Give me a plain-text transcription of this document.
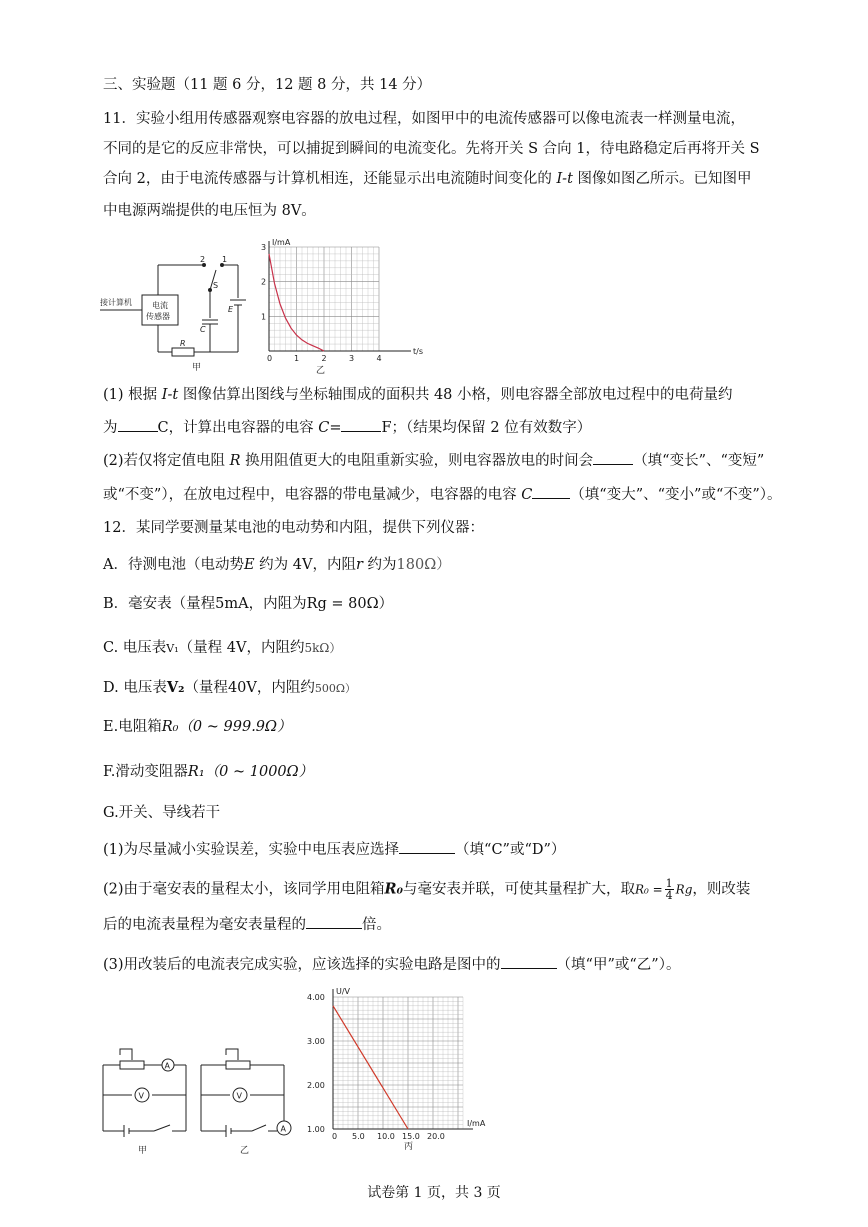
三、实验题（11 题 6 分，12 题 8 分，共 14 分）
11．实验小组用传感器观察电容器的放电过程，如图甲中的电流传感器可以像电流表一样测量电流，
不同的是它的反应非常快，可以捕捉到瞬间的电流变化。先将开关 S 合向 1，待电路稳定后再将开关 S
合向 2，由于电流传感器与计算机相连，还能显示出电流随时间变化的 I-t 图像如图乙所示。已知图甲
中电源两端提供的电压恒为 8V。
接计算机	电流
传感器
2 1
S
C
E
R
甲
I/mA
t/s
0
乙
1	2	3	4
1
2
3
(1) 根据 I-t 图像估算出图线与坐标轴围成的面积共 48 小格，则电容器全部放电过程中的电荷量约
为	C，计算出电容器的电容 C=	F；（结果均保留 2 位有效数字）
(2)若仅将定值电阻 R 换用阻值更大的电阻重新实验，则电容器放电的时间会	（填“变长”、“变短”
或“不变”），在放电过程中，电容器的带电量减少，电容器的电容 C	（填“变大”、“变小”或“不变”）。
12．某同学要测量某电池的电动势和内阻，提供下列仪器：
A．待测电池（电动势E 约为 4V，内阻r 约为180Ω）
B．毫安表（量程5mA，内阻为Rg = 80Ω）
C. 电压表V₁（量程 4V，内阻约5kΩ）
D. 电压表V₂（量程40V，内阻约500Ω）
E.电阻箱R₀（0 ~ 999.9Ω）
F.滑动变阻器R₁（0 ~ 1000Ω）
G.开关、导线若干
(1)为尽量减小实验误差，实验中电压表应选择	（填“C”或“D”）
(2)由于毫安表的量程太小，该同学用电阻箱R₀与毫安表并联，可使其量程扩大，取$R_0 = \frac{1}{4}$ Rg，则改装
后的电流表量程为毫安表量程的	倍。
(3)用改装后的电流表完成实验，应该选择的实验电路是图中的	（填“甲”或“乙”）。
A
V
甲
A
V
乙
U/V
I/mA
丙
4.00
3.00
2.00
1.00
0 5.0 10.0 15.0 20.0
试卷第 1 页，共 3 页
